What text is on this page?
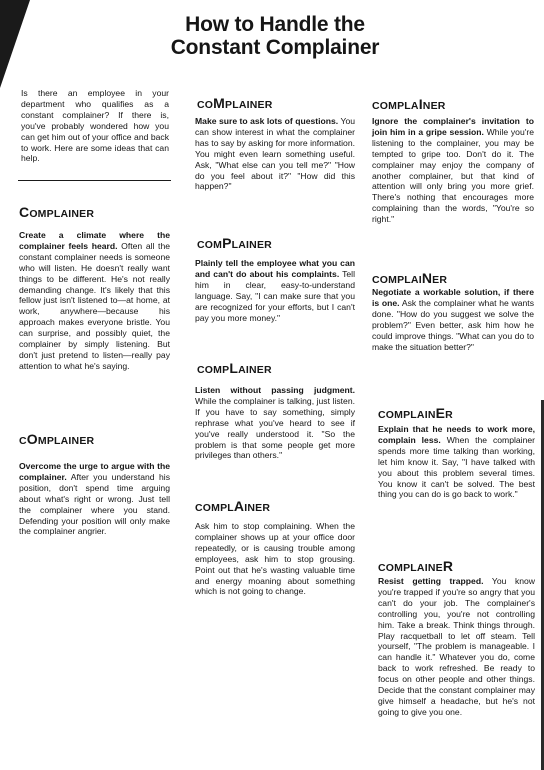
How to Handle the
Constant Complainer
Is there an employee in your department who qualifies as a constant complainer? If there is, you've probably wondered how you can get him out of your office and back to work. Here are some ideas that can help.
COMPLAINER
Create a climate where the complainer feels heard. Often all the constant complainer needs is someone who will listen. He doesn't really want things to be different. He's not really demanding change. It's likely that this fellow just isn't listened to—at home, at work, anywhere—because his approach makes everyone bristle. You can surprise, and possibly quiet, the complainer by simply listening. But don't just pretend to listen—really pay attention to what he's saying.
COMPLAINER
Overcome the urge to argue with the complainer. After you understand his position, don't spend time arguing about what's right or wrong. Just tell the complainer where you stand. Defending your position will only make the complainer angrier.
COMPLAINER
Make sure to ask lots of questions. You can show interest in what the complainer has to say by asking for more information. You might even learn something useful. Ask, "What else can you tell me?" "How do you feel about it?" "How did this happen?"
COMPLAINER
Plainly tell the employee what you can and can't do about his complaints. Tell him in clear, easy-to-understand language. Say, "I can make sure that you are recognized for your efforts, but I can't pay you more money."
COMPLAINER
Listen without passing judgment. While the complainer is talking, just listen. If you have to say something, simply rephrase what you've heard to see if you've really understood it. "So the problem is that some people get more privileges than others."
COMPLAINER
Ask him to stop complaining. When the complainer shows up at your office door repeatedly, or is causing trouble among employees, ask him to stop grousing. Point out that he's wasting valuable time and energy moaning about something which is not going to change.
COMPLAINER
Ignore the complainer's invitation to join him in a gripe session. While you're listening to the complainer, you may be tempted to gripe too. Don't do it. The complainer may enjoy the company of another complainer, but that kind of attention will only bring you more grief. There's nothing that encourages more complaining than the words, "You're so right."
COMPLAINER
Negotiate a workable solution, if there is one. Ask the complainer what he wants done. "How do you suggest we solve the problem?" Even better, ask him how he could improve things. "What can you do to make the situation better?"
COMPLAINER
Explain that he needs to work more, complain less. When the complainer spends more time talking than working, let him know it. Say, "I have talked with you about this problem several times. You know it can't be solved. The best thing you can do is go back to work."
COMPLAINER
Resist getting trapped. You know you're trapped if you're so angry that you can't do your job. The complainer's controlling you, you're not controlling him. Take a break. Think things through. Play racquetball to let off steam. Tell yourself, "The problem is manageable. I can handle it." Whatever you do, come back to work refreshed. Be ready to focus on other people and other things. Decide that the constant complainer may give himself a headache, but he's not going to give you one.
